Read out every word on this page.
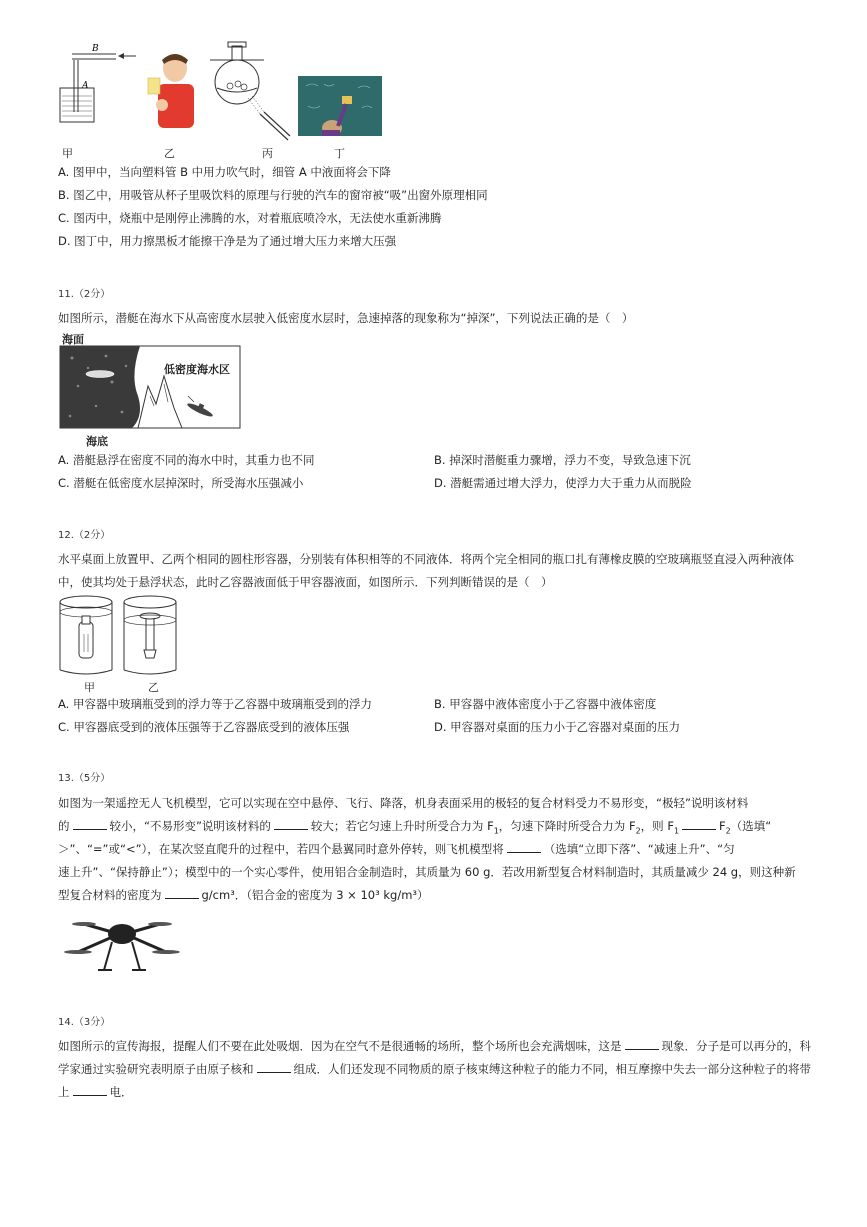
B
A
甲	乙	丙	丁
A. 图甲中，当向塑料管 B 中用力吹气时，细管 A 中液面将会下降
B. 图乙中，用吸管从杯子里吸饮料的原理与行驶的汽车的窗帘被“吸”出窗外原理相同
C. 图丙中，烧瓶中是刚停止沸腾的水，对着瓶底喷冷水，无法使水重新沸腾
D. 图丁中，用力擦黑板才能擦干净是为了通过增大压力来增大压强
11.（2分）
如图所示，潜艇在海水下从高密度水层驶入低密度水层时，急速掉落的现象称为“掉深”，下列说法正确的是（　）
海面
低密度海水区
海底
A. 潜艇悬浮在密度不同的海水中时，其重力也不同	B. 掉深时潜艇重力骤增，浮力不变，导致急速下沉
C. 潜艇在低密度水层掉深时，所受海水压强减小	D. 潜艇需通过增大浮力，使浮力大于重力从而脱险
12.（2分）
水平桌面上放置甲、乙两个相同的圆柱形容器，分别装有体积相等的不同液体．将两个完全相同的瓶口扎有薄橡皮膜的空玻璃瓶竖直浸入两种液体
中，使其均处于悬浮状态，此时乙容器液面低于甲容器液面，如图所示．下列判断错误的是（　）
甲	乙
A. 甲容器中玻璃瓶受到的浮力等于乙容器中玻璃瓶受到的浮力	B. 甲容器中液体密度小于乙容器中液体密度
C. 甲容器底受到的液体压强等于乙容器底受到的液体压强	D. 甲容器对桌面的压力小于乙容器对桌面的压力
13.（5分）
如图为一架遥控无人飞机模型，它可以实现在空中悬停、飞行、降落，机身表面采用的极轻的复合材料受力不易形变，“极轻”说明该材料
的	较小，“不易形变”说明该材料的	较大；若它匀速上升时所受合力为 $F_1$，匀速下降时所受合力为 $F_2$，则 $F_1$	$F_2$（选填“
＞”、“=”或“<”），在某次竖直爬升的过程中，若四个悬翼同时意外停转，则飞机模型将	（选填“立即下落”、“减速上升”、“匀
速上升”、“保持静止”）；模型中的一个实心零件，使用铝合金制造时，其质量为 60 g．若改用新型复合材料制造时，其质量减少 24 g，则这种新
型复合材料的密度为	g/cm³．（铝合金的密度为 3 × 10³ kg/m³）
14.（3分）
如图所示的宣传海报，提醒人们不要在此处吸烟．因为在空气不是很通畅的场所，整个场所也会充满烟味，这是	现象．分子是可以再分的，科
学家通过实验研究表明原子由原子核和	组成．人们还发现不同物质的原子核束缚这种粒子的能力不同，相互摩擦中失去一部分这种粒子的将带
上	电．
